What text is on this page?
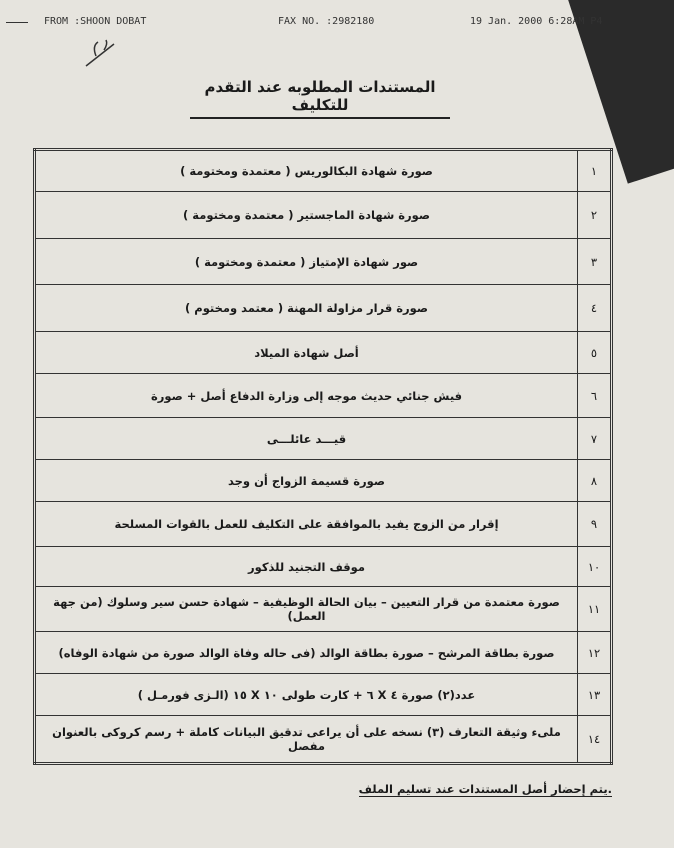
FROM :SHOON DOBAT	FAX NO. :2982180	19 Jan. 2000 6:28AM P4
المستندات المطلوبه عند التقدم للتكليف
١	صورة شهادة البكالوريس ( معتمدة ومختومة )
٢	صورة شهادة الماجستير ( معتمدة ومختومة )
٣	صور شهادة الإمتياز ( معتمدة ومختومة )
٤	صورة قرار مزاولة المهنة ( معتمد ومختوم )
٥	أصل شهادة الميلاد
٦	فيش جنائي حديث موجه إلى وزارة الدفاع أصل + صورة
٧	قيـــد عائلـــى
٨	صورة قسيمة الزواج أن وجد
٩	إقرار من الزوج يفيد بالموافقة على التكليف للعمل بالقوات المسلحة
١٠	موقف التجنيد للذكور
١١	صورة معتمدة من قرار التعيين – بيان الحالة الوظيفية – شهادة حسن سير وسلوك (من جهة العمل)
١٢	صورة بطاقة المرشح – صورة بطاقة الوالد (فى حاله وفاة الوالد صورة من شهادة الوفاه)
١٣	عدد(٢) صورة ٤ X ٦ + كارت طولى ١٠ X ١٥ (الـزى فورمـل )
١٤	ملىء وثيقة التعارف (٣) نسخه على أن يراعى تدقيق البيانات كاملة + رسم كروكى بالعنوان مفصل
.يتم إحضار أصل المستندات عند تسليم الملف
